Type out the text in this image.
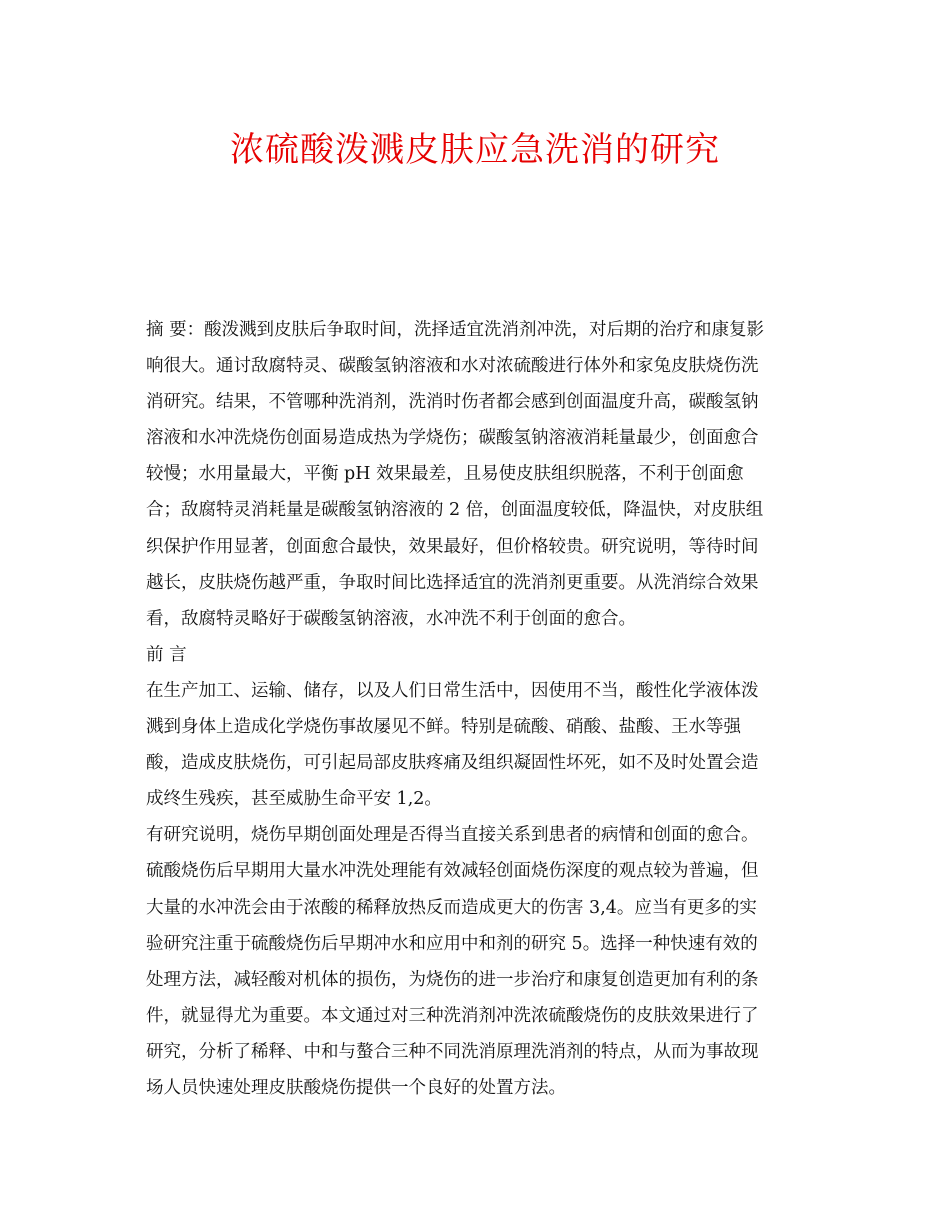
浓硫酸泼溅皮肤应急洗消的研究

摘 要：酸泼溅到皮肤后争取时间，洗择适宜洗消剂冲洗，对后期的治疗和康复影
响很大。通讨敌腐特灵、碳酸氢钠溶液和水对浓硫酸进行体外和家兔皮肤烧伤洗
消研究。结果，不管哪种洗消剂，洗消时伤者都会感到创面温度升高，碳酸氢钠
溶液和水冲洗烧伤创面易造成热为学烧伤；碳酸氢钠溶液消耗量最少，创面愈合
较慢；水用量最大，平衡 pH 效果最差，且易使皮肤组织脱落，不利于创面愈
合；敌腐特灵消耗量是碳酸氢钠溶液的 2 倍，创面温度较低，降温快，对皮肤组
织保护作用显著，创面愈合最快，效果最好，但价格较贵。研究说明，等待时间
越长，皮肤烧伤越严重，争取时间比选择适宜的洗消剂更重要。从洗消综合效果
看，敌腐特灵略好于碳酸氢钠溶液，水冲洗不利于创面的愈合。

前 言

在生产加工、运输、储存，以及人们日常生活中，因使用不当，酸性化学液体泼
溅到身体上造成化学烧伤事故屡见不鲜。特别是硫酸、硝酸、盐酸、王水等强
酸，造成皮肤烧伤，可引起局部皮肤疼痛及组织凝固性坏死，如不及时处置会造
成终生残疾，甚至威胁生命平安 1,2。

有研究说明，烧伤早期创面处理是否得当直接关系到患者的病情和创面的愈合。
硫酸烧伤后早期用大量水冲洗处理能有效减轻创面烧伤深度的观点较为普遍，但
大量的水冲洗会由于浓酸的稀释放热反而造成更大的伤害 3,4。应当有更多的实
验研究注重于硫酸烧伤后早期冲水和应用中和剂的研究 5。选择一种快速有效的
处理方法，减轻酸对机体的损伤，为烧伤的进一步治疗和康复创造更加有利的条
件，就显得尤为重要。本文通过对三种洗消剂冲洗浓硫酸烧伤的皮肤效果进行了
研究，分析了稀释、中和与螯合三种不同洗消原理洗消剂的特点，从而为事故现
场人员快速处理皮肤酸烧伤提供一个良好的处置方法。
